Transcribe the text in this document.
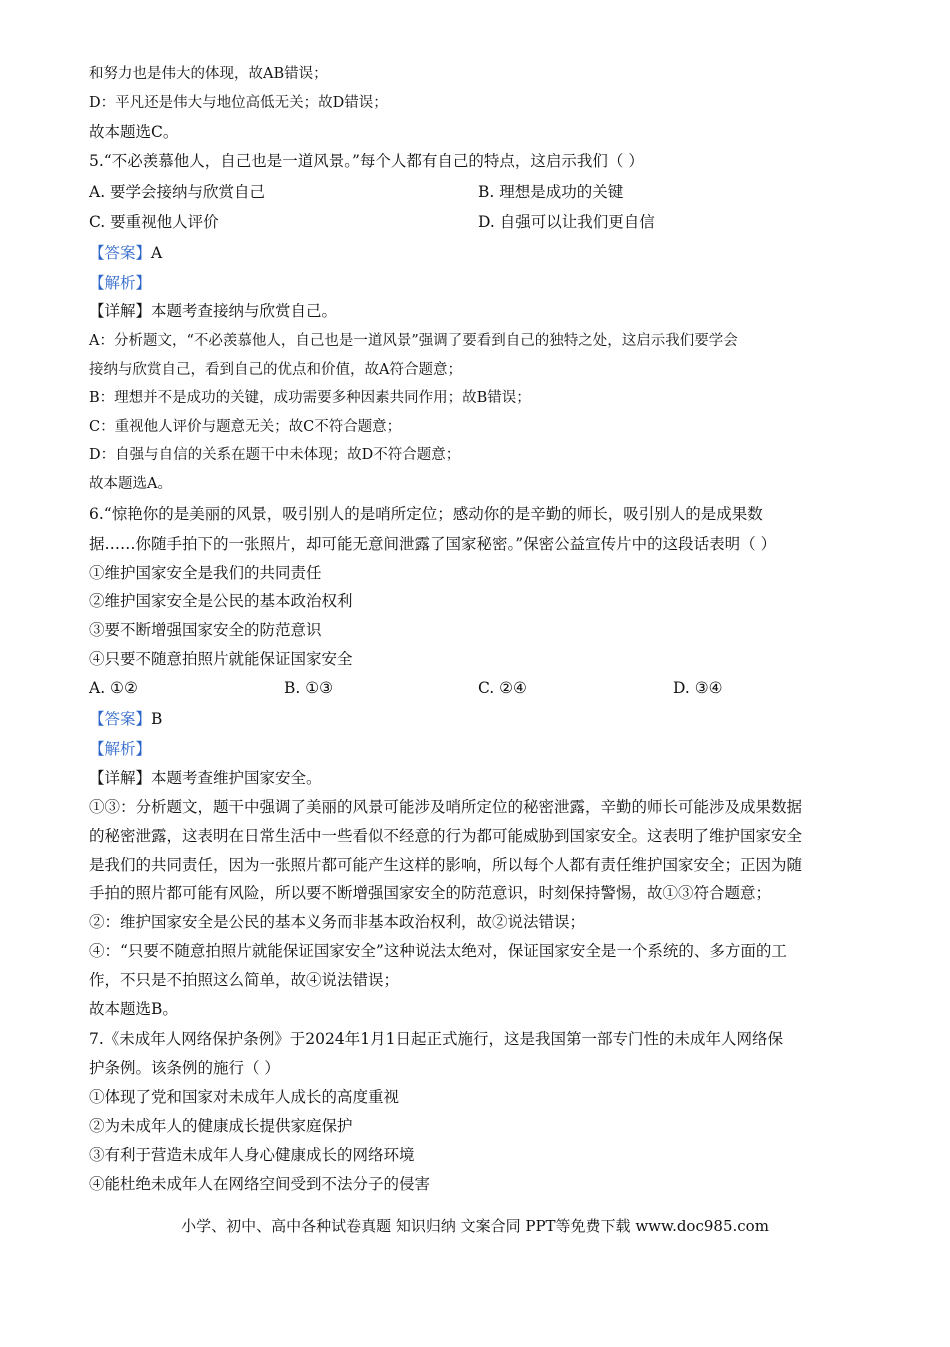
和努力也是伟大的体现，故AB错误；
D：平凡还是伟大与地位高低无关；故D错误；
故本题选C。
5.“不必羡慕他人，自己也是一道风景。”每个人都有自己的特点，这启示我们（ ）
A. 要学会接纳与欣赏自己	B. 理想是成功的关键
C. 要重视他人评价	D. 自强可以让我们更自信
【答案】A
【解析】
【详解】本题考查接纳与欣赏自己。
A：分析题文，“不必羡慕他人，自己也是一道风景”强调了要看到自己的独特之处，这启示我们要学会
接纳与欣赏自己，看到自己的优点和价值，故A符合题意；
B：理想并不是成功的关键，成功需要多种因素共同作用；故B错误；
C：重视他人评价与题意无关；故C不符合题意；
D：自强与自信的关系在题干中未体现；故D不符合题意；
故本题选A。
6.“惊艳你的是美丽的风景，吸引别人的是哨所定位；感动你的是辛勤的师长，吸引别人的是成果数
据……你随手拍下的一张照片，却可能无意间泄露了国家秘密。”保密公益宣传片中的这段话表明（ ）
①维护国家安全是我们的共同责任
②维护国家安全是公民的基本政治权利
③要不断增强国家安全的防范意识
④只要不随意拍照片就能保证国家安全
A. ①②	B. ①③	C. ②④	D. ③④
【答案】B
【解析】
【详解】本题考查维护国家安全。
①③：分析题文，题干中强调了美丽的风景可能涉及哨所定位的秘密泄露，辛勤的师长可能涉及成果数据
的秘密泄露，这表明在日常生活中一些看似不经意的行为都可能威胁到国家安全。这表明了维护国家安全
是我们的共同责任，因为一张照片都可能产生这样的影响，所以每个人都有责任维护国家安全；正因为随
手拍的照片都可能有风险，所以要不断增强国家安全的防范意识，时刻保持警惕，故①③符合题意；
②：维护国家安全是公民的基本义务而非基本政治权利，故②说法错误；
④：“只要不随意拍照片就能保证国家安全”这种说法太绝对，保证国家安全是一个系统的、多方面的工
作，不只是不拍照这么简单，故④说法错误；
故本题选B。
7.《未成年人网络保护条例》于2024年1月1日起正式施行，这是我国第一部专门性的未成年人网络保
护条例。该条例的施行（ ）
①体现了党和国家对未成年人成长的高度重视
②为未成年人的健康成长提供家庭保护
③有利于营造未成年人身心健康成长的网络环境
④能杜绝未成年人在网络空间受到不法分子的侵害
小学、初中、高中各种试卷真题 知识归纳 文案合同 PPT等免费下载 www.doc985.com
